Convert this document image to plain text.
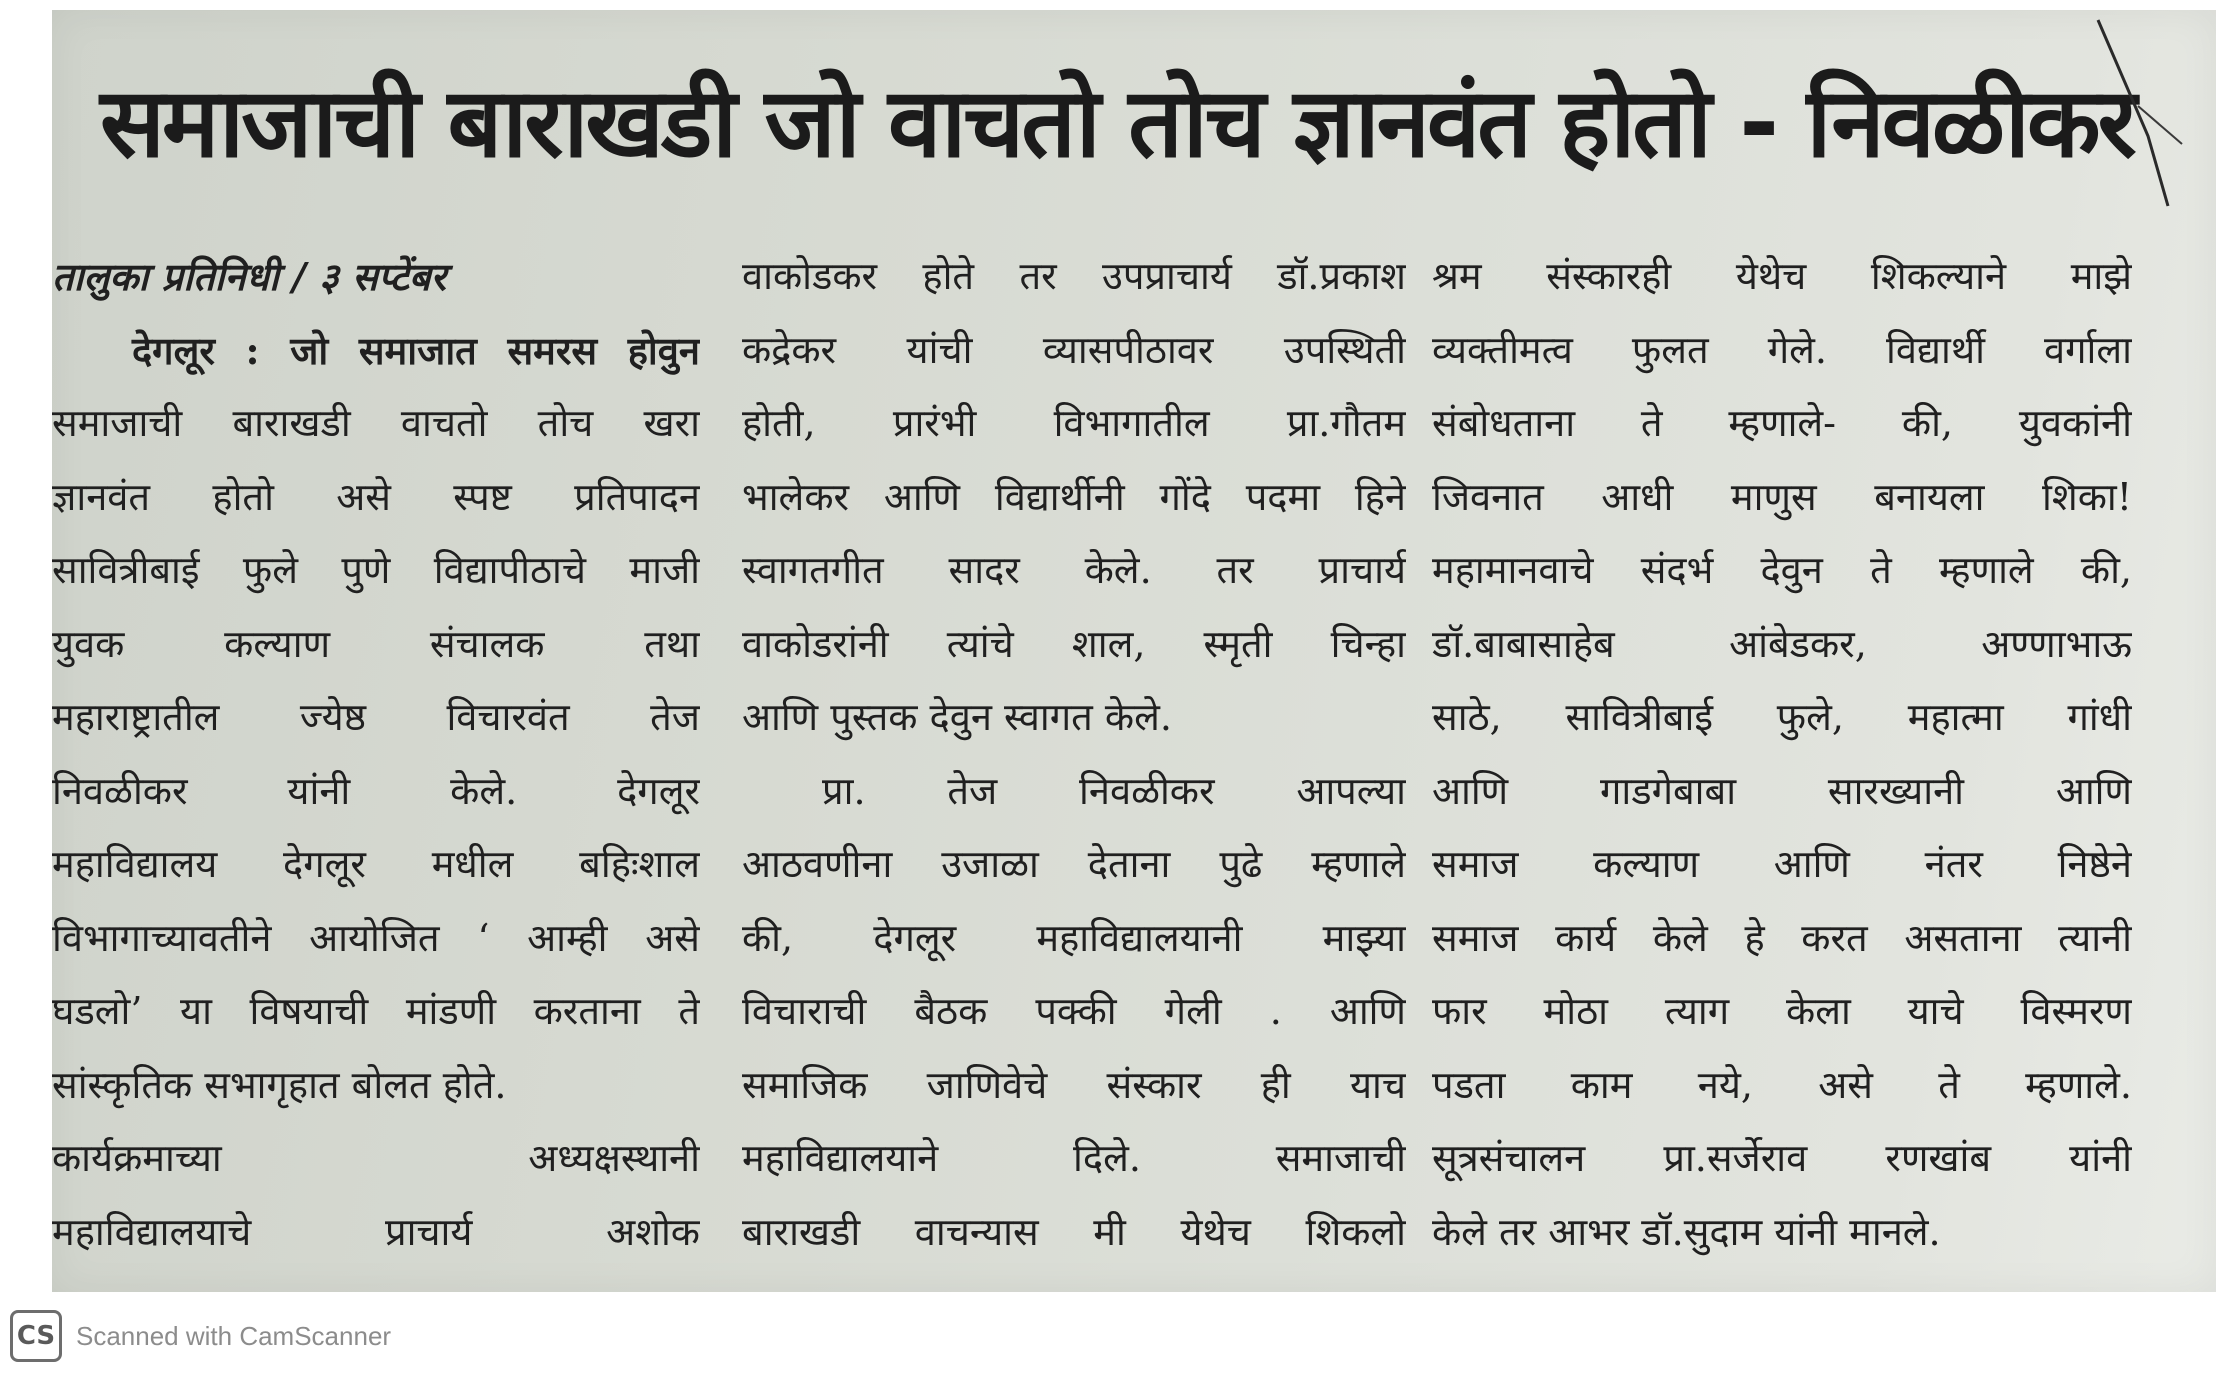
समाजाची बाराखडी जो वाचतो तोच ज्ञानवंत होतो - निवळीकर
तालुका प्रतिनिधी / ३ सप्टेंबर
देगलूर : जो समाजात समरस होवुन
समाजाची बाराखडी वाचतो तोच खरा
ज्ञानवंत होतो असे स्पष्ट प्रतिपादन
सावित्रीबाई फुले पुणे विद्यापीठाचे माजी
युवक कल्याण संचालक तथा
महाराष्ट्रातील ज्येष्ठ विचारवंत तेज
निवळीकर यांनी केले. देगलूर
महाविद्यालय देगलूर मधील बहिःशाल
विभागाच्यावतीने आयोजित ‘ आम्ही असे
घडलो’ या विषयाची मांडणी करताना ते
सांस्कृतिक सभागृहात बोलत होते.
कार्यक्रमाच्या अध्यक्षस्थानी
महाविद्यालयाचे प्राचार्य अशोक
वाकोडकर होते तर उपप्राचार्य डॉ.प्रकाश
कद्रेकर यांची व्यासपीठावर उपस्थिती
होती, प्रारंभी विभागातील प्रा.गौतम
भालेकर आणि विद्यार्थीनी गोंदे पदमा हिने
स्वागतगीत सादर केले. तर प्राचार्य
वाकोडरांनी त्यांचे शाल, स्मृती चिन्हा
आणि पुस्तक देवुन स्वागत केले.
प्रा. तेज निवळीकर आपल्या
आठवणीना उजाळा देताना पुढे म्हणाले
की, देगलूर महाविद्यालयानी माझ्या
विचाराची बैठक पक्की गेली . आणि
समाजिक जाणिवेचे संस्कार ही याच
महाविद्यालयाने दिले. समाजाची
बाराखडी वाचन्यास मी येथेच शिकलो
श्रम संस्कारही येथेच शिकल्याने माझे
व्यक्तीमत्व फुलत गेले. विद्यार्थी वर्गाला
संबोधताना ते म्हणाले- की, युवकांनी
जिवनात आधी माणुस बनायला शिका!
महामानवाचे संदर्भ देवुन ते म्हणाले की,
डॉ.बाबासाहेब आंबेडकर, अण्णाभाऊ
साठे, सावित्रीबाई फुले, महात्मा गांधी
आणि गाडगेबाबा सारख्यानी आणि
समाज कल्याण आणि नंतर निष्ठेने
समाज कार्य केले हे करत असताना त्यानी
फार मोठा त्याग केला याचे विस्मरण
पडता काम नये, असे ते म्हणाले.
सूत्रसंचालन प्रा.सर्जेराव रणखांब यांनी
केले तर आभर डॉ.सुदाम यांनी मानले.
CS Scanned with CamScanner
